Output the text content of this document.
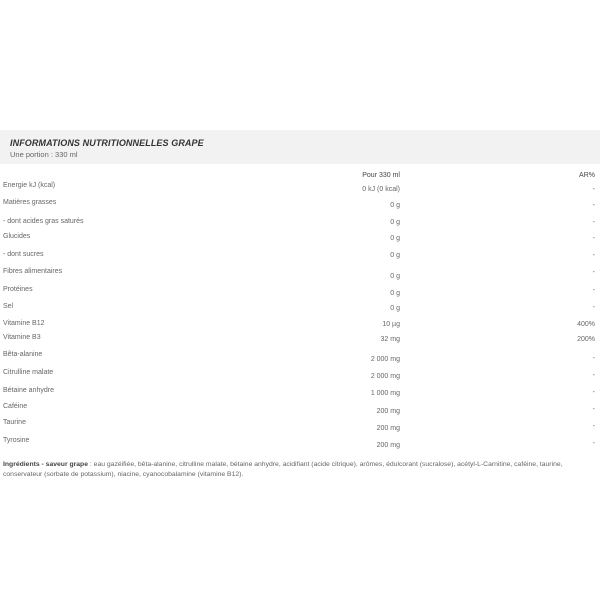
INFORMATIONS NUTRITIONNELLES GRAPE
Une portion : 330 ml
	Pour 330 ml	AR%
Energie kJ (kcal)	0 kJ (0 kcal)	-
Matières grasses	0 g	-
- dont acides gras saturés	0 g	-
Glucides	0 g	-
- dont sucres	0 g	-
Fibres alimentaires	0 g	-
Protéines	0 g	-
Sel	0 g	-
Vitamine B12	10 µg	400%
Vitamine B3	32 mg	200%
Bêta-alanine	2 000 mg	-
Citrulline malate	2 000 mg	-
Bétaine anhydre	1 000 mg	-
Caféine	200 mg	-
Taurine	200 mg	-
Tyrosine	200 mg	-
Ingrédients - saveur grape : eau gazéifiée, bêta-alanine, citrulline malate, bétaine anhydre, acidifiant (acide citrique), arômes, édulcorant (sucralose), acétyl-L-Carnitine, caféine, taurine, conservateur (sorbate de potassium), niacine, cyanocobalamine (vitamine B12).
